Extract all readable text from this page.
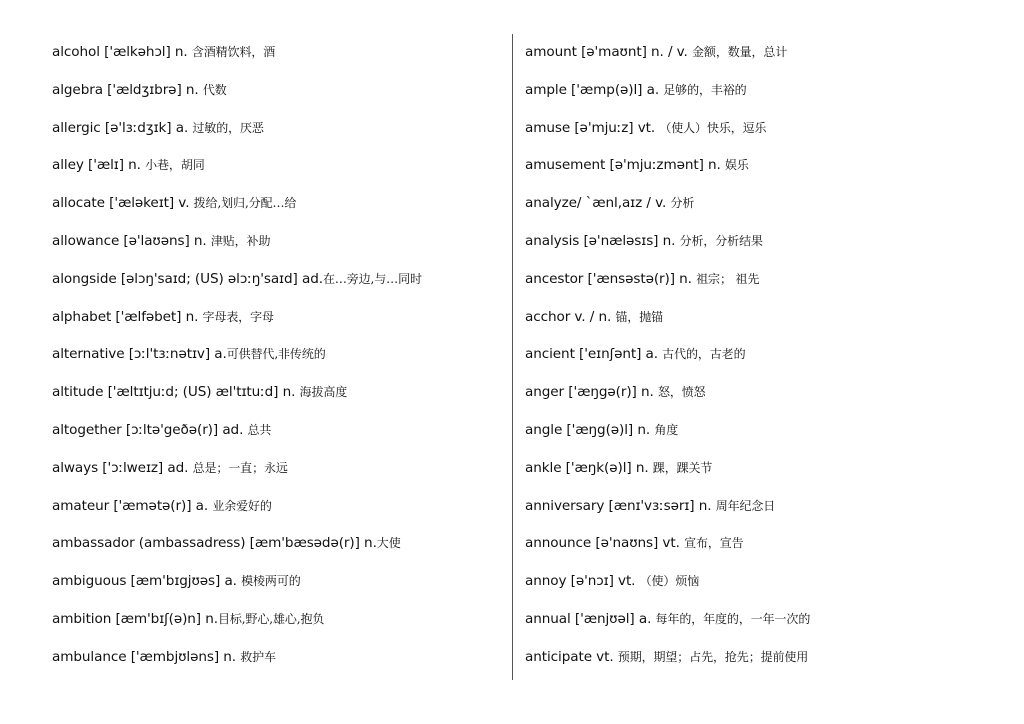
alcohol ['ælkəhɔl] n. 含酒精饮料，酒
algebra ['ældʒɪbrə] n. 代数
allergic [ə'lɜːdʒɪk] a. 过敏的，厌恶
alley ['ælɪ] n. 小巷，胡同
allocate ['æləkeɪt] v. 拨给,划归,分配…给
allowance [ə'laʊəns] n. 津贴，补助
alongside [əlɔŋ'saɪd; (US) əlɔːŋ'saɪd] ad.在…旁边,与…同时
alphabet ['ælfəbet] n. 字母表，字母
alternative [ɔːl'tɜːnətɪv] a.可供替代,非传统的
altitude ['æltɪtjuːd; (US) æl'tɪtuːd] n. 海拔高度
altogether [ɔːltə'geðə(r)] ad. 总共
always ['ɔːlweɪz] ad. 总是；一直；永远
amateur ['æmətə(r)] a. 业余爱好的
ambassador (ambassadress) [æm'bæsədə(r)] n.大使
ambiguous [æm'bɪgjʊəs] a. 模棱两可的
ambition [æm'bɪʃ(ə)n] n.目标,野心,雄心,抱负
ambulance ['æmbjʊləns] n. 救护车
amount [ə'maʊnt] n. / v. 金额，数量，总计
ample ['æmp(ə)l] a. 足够的，丰裕的
amuse [ə'mjuːz] vt. （使人）快乐，逗乐
amusement [ə'mjuːzmənt] n. 娱乐
analyze/ `ænl,aɪz / v. 分析
analysis [ə'næləsɪs] n. 分析，分析结果
ancestor ['ænsəstə(r)] n. 祖宗； 祖先
acchor v. / n. 锚，抛锚
ancient ['eɪnʃənt] a. 古代的，古老的
anger ['æŋgə(r)] n. 怒，愤怒
angle ['æŋg(ə)l] n. 角度
ankle ['æŋk(ə)l] n. 踝，踝关节
anniversary [ænɪ'vɜːsərɪ] n. 周年纪念日
announce [ə'naʊns] vt. 宣布，宣告
annoy [ə'nɔɪ] vt. （使）烦恼
annual ['ænjʊəl] a. 每年的，年度的，一年一次的
anticipate vt. 预期，期望；占先，抢先；提前使用
